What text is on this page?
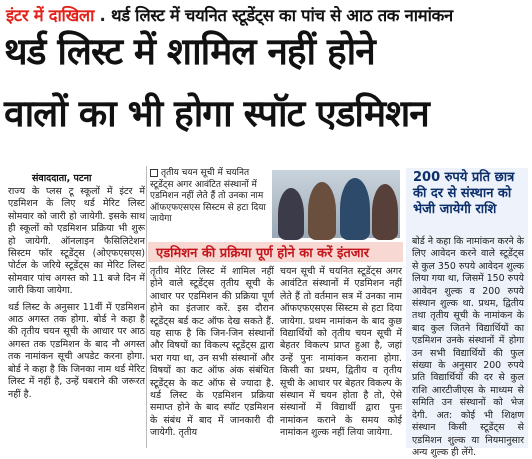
इंटर में दाखिला . थर्ड लिस्ट में चयनित स्टूडेंट्स का पांच से आठ तक नामांकन
थर्ड लिस्ट में शामिल नहीं होने
वालों का भी होगा स्पॉट एडमिशन
संवाददाता, पटना
राज्य के प्लस टू स्कूलों में इंटर में एडमिशन के लिए थर्ड मेरिट लिस्ट सोमवार को जारी हो जायेगी. इसके साथ ही स्कूलों को एडमिशन प्रक्रिया भी शुरू हो जायेगी. ऑनलाइन फैसिलिटेशन सिस्टम फॉर स्टूडेंट्स (ओएफएसएस) पोर्टल के जरिये स्टूडेंट्स का मेरिट लिस्ट सोमवार पांच अगस्त को 11 बजे दिन में जारी किया जायेगा.
थर्ड लिस्ट के अनुसार 11वीं में एडमिशन आठ अगस्त तक होगा. बोर्ड ने कहा है की तृतीय चयन सूची के आधार पर आठ अगस्त तक एडमिशन के बाद नौ अगस्त तक नामांकन सूची अपडेट करना होगा. बोर्ड ने कहा है कि जिनका नाम थर्ड मेरिट लिस्ट में नहीं है, उन्हें घबराने की जरूरत नहीं है.
तृतीय चयन सूची में चयनित स्टूडेंट्स अगर आवंटित संस्थानों में एडमिशन नहीं लेते हैं तो उनका नाम ऑफएफएसएस सिस्टम से हटा दिया जायेगा
एडमिशन की प्रक्रिया पूर्ण होने का करें इंतजार
तृतीय मेरिट लिस्ट में शामिल नहीं होने वाले स्टूडेंट्स तृतीय सूची के आधार पर एडमिशन की प्रक्रिया पूर्ण होने का इंतजार करें. इस दौरान स्टूडेंट्स बर्ड कट ऑफ देख सकते हैं. यह साफ है कि जिन-जिन संस्थानों और विषयों का विकल्प स्टूडेंट्स द्वारा भरा गया था, उन सभी संस्थानों और विषयों का कट ऑफ अंक संबंधित स्टूडेंट्स के कट ऑफ से ज्यादा है. थर्ड लिस्ट के एडमिशन प्रक्रिया समाप्त होने के बाद स्पॉट एडमिशन के संबंध में बाद में जानकारी दी जायेगी. तृतीय
चयन सूची में चयनित स्टूडेंट्स अगर आवंटित संस्थानों में एडमिशन नहीं लेते हैं तो वर्तमान सत्र में उनका नाम ऑफएफएसएस सिस्टम से हटा दिया जायेगा. प्रथम नामांकन के बाद कुछ विद्यार्थियों को तृतीय चयन सूची में बेहतर विकल्प प्राप्त हुआ है, जहां उन्हें पुनः नामांकन कराना होगा. किसी का प्रथम, द्वितीय व तृतीय सूची के आधार पर बेहतर विकल्प के संस्थान में चयन होता है तो, ऐसे संस्थानों में विद्यार्थी द्वारा पुनः नामांकन कराने के समय कोई नामांकन शुल्क नहीं लिया जायेगा.
200 रुपये प्रति छात्र की दर से संस्थान को भेजी जायेगी राशि
बोर्ड ने कहा कि नामांकन करने के लिए आवेदन करने वाले स्टूडेंट्स से कुल 350 रुपये आवेदन शुल्क लिया गया था, जिसमें 150 रुपये आवेदन शुल्क व 200 रुपये संस्थान शुल्क था. प्रथम, द्वितीय तथा तृतीय सूची के नामांकन के बाद कुल जितने विद्यार्थियों का एडमिशन उनके संस्थानों में होगा उन सभी विद्यार्थियों की फुल संख्या के अनुसार 200 रुपये प्रति विद्यार्थियों की दर से कुल राशि आरटीजीएस के माध्यम से समिति उन संस्थानों को भेज देगी. अत: कोई भी शिक्षण संस्थान किसी स्टूडेंट्स से एडमिशन शुल्क या नियमानुसार अन्य शुल्क ही लेंगे.
